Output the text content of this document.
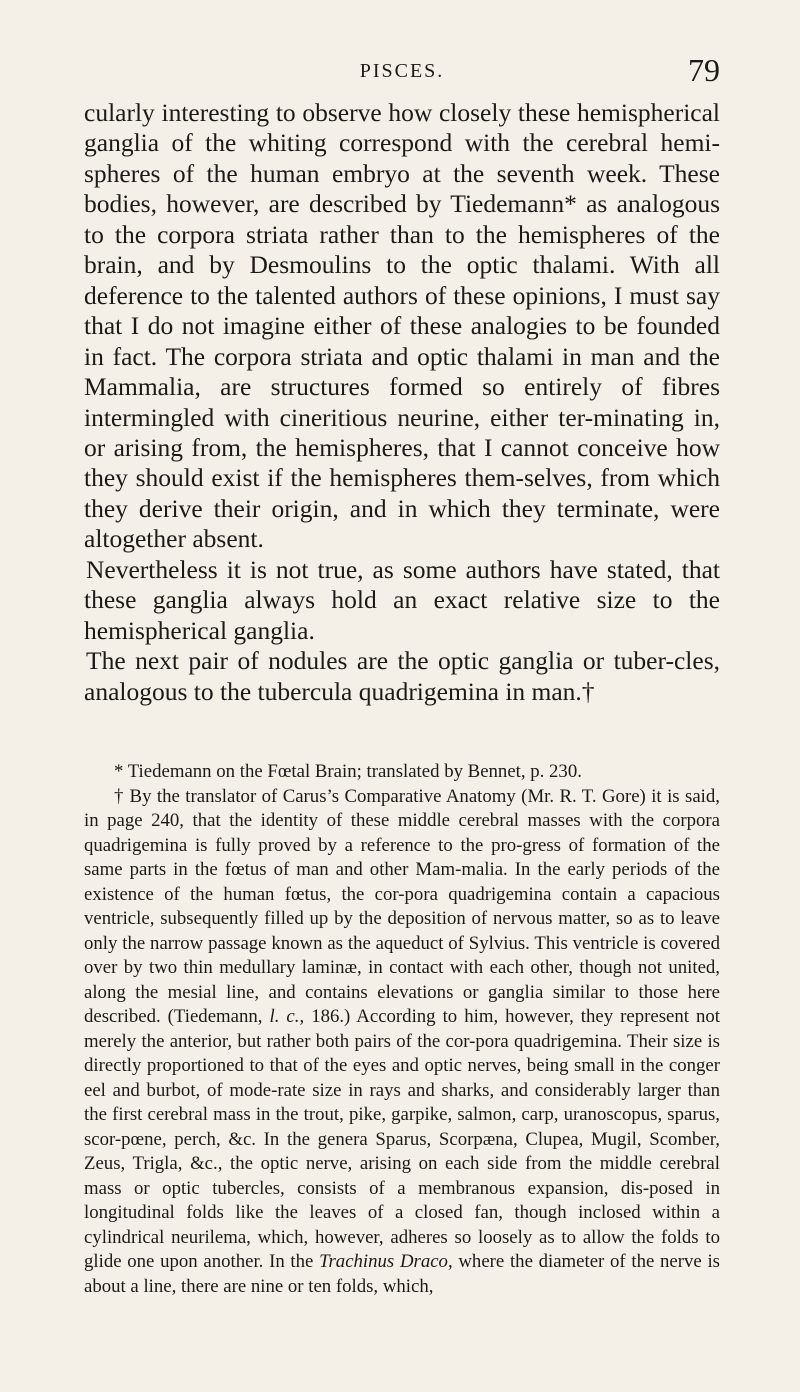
PISCES.	79

cularly interesting to observe how closely these hemispherical ganglia of the whiting correspond with the cerebral hemi-spheres of the human embryo at the seventh week. These bodies, however, are described by Tiedemann* as analogous to the corpora striata rather than to the hemispheres of the brain, and by Desmoulins to the optic thalami. With all deference to the talented authors of these opinions, I must say that I do not imagine either of these analogies to be founded in fact. The corpora striata and optic thalami in man and the Mammalia, are structures formed so entirely of fibres intermingled with cineritious neurine, either ter-minating in, or arising from, the hemispheres, that I cannot conceive how they should exist if the hemispheres them-selves, from which they derive their origin, and in which they terminate, were altogether absent.

Nevertheless it is not true, as some authors have stated, that these ganglia always hold an exact relative size to the hemispherical ganglia.

The next pair of nodules are the optic ganglia or tuber-cles, analogous to the tubercula quadrigemina in man.†

* Tiedemann on the Fœtal Brain; translated by Bennet, p. 230.

† By the translator of Carus’s Comparative Anatomy (Mr. R. T. Gore) it is said, in page 240, that the identity of these middle cerebral masses with the corpora quadrigemina is fully proved by a reference to the pro-gress of formation of the same parts in the fœtus of man and other Mam-malia. In the early periods of the existence of the human fœtus, the cor-pora quadrigemina contain a capacious ventricle, subsequently filled up by the deposition of nervous matter, so as to leave only the narrow passage known as the aqueduct of Sylvius. This ventricle is covered over by two thin medullary laminæ, in contact with each other, though not united, along the mesial line, and contains elevations or ganglia similar to those here described. (Tiedemann, l. c., 186.) According to him, however, they represent not merely the anterior, but rather both pairs of the cor-pora quadrigemina. Their size is directly proportioned to that of the eyes and optic nerves, being small in the conger eel and burbot, of mode-rate size in rays and sharks, and considerably larger than the first cerebral mass in the trout, pike, garpike, salmon, carp, uranoscopus, sparus, scor-pœne, perch, &c. In the genera Sparus, Scorpæna, Clupea, Mugil, Scomber, Zeus, Trigla, &c., the optic nerve, arising on each side from the middle cerebral mass or optic tubercles, consists of a membranous expansion, dis-posed in longitudinal folds like the leaves of a closed fan, though inclosed within a cylindrical neurilema, which, however, adheres so loosely as to allow the folds to glide one upon another. In the Trachinus Draco, where the diameter of the nerve is about a line, there are nine or ten folds, which,
